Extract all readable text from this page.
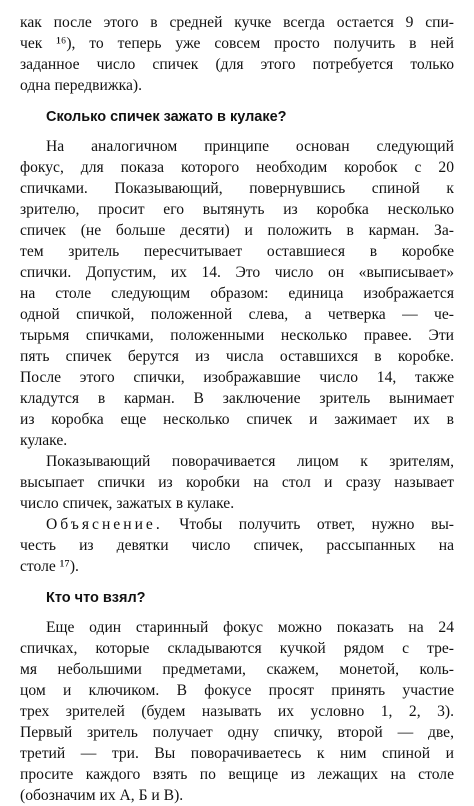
как после этого в средней кучке всегда остается 9 спи-
чек ¹⁶), то теперь уже совсем просто получить в ней
заданное число спичек (для этого потребуется только
одна передвижка).
Сколько спичек зажато в кулаке?
На аналогичном принципе основан следующий
фокус, для показа которого необходим коробок с 20
спичками. Показывающий, повернувшись спиной к
зрителю, просит его вытянуть из коробка несколько
спичек (не больше десяти) и положить в карман. За-
тем зритель пересчитывает оставшиеся в коробке
спички. Допустим, их 14. Это число он «выписывает»
на столе следующим образом: единица изображается
одной спичкой, положенной слева, а четверка — че-
тырьмя спичками, положенными несколько правее. Эти
пять спичек берутся из числа оставшихся в коробке.
После этого спички, изображавшие число 14, также
кладутся в карман. В заключение зритель вынимает
из коробка еще несколько спичек и зажимает их в
кулаке.
Показывающий поворачивается лицом к зрителям,
высыпает спички из коробки на стол и сразу называет
число спичек, зажатых в кулаке.
Объяснение. Чтобы получить ответ, нужно вы-
честь из девятки число спичек, рассыпанных на
столе ¹⁷).
Кто что взял?
Еще один старинный фокус можно показать на 24
спичках, которые складываются кучкой рядом с тре-
мя небольшими предметами, скажем, монетой, коль-
цом и ключиком. В фокусе просят принять участие
трех зрителей (будем называть их условно 1, 2, 3).
Первый зритель получает одну спичку, второй — две,
третий — три. Вы поворачиваетесь к ним спиной и
просите каждого взять по вещице из лежащих на столе
(обозначим их А, Б и В).
